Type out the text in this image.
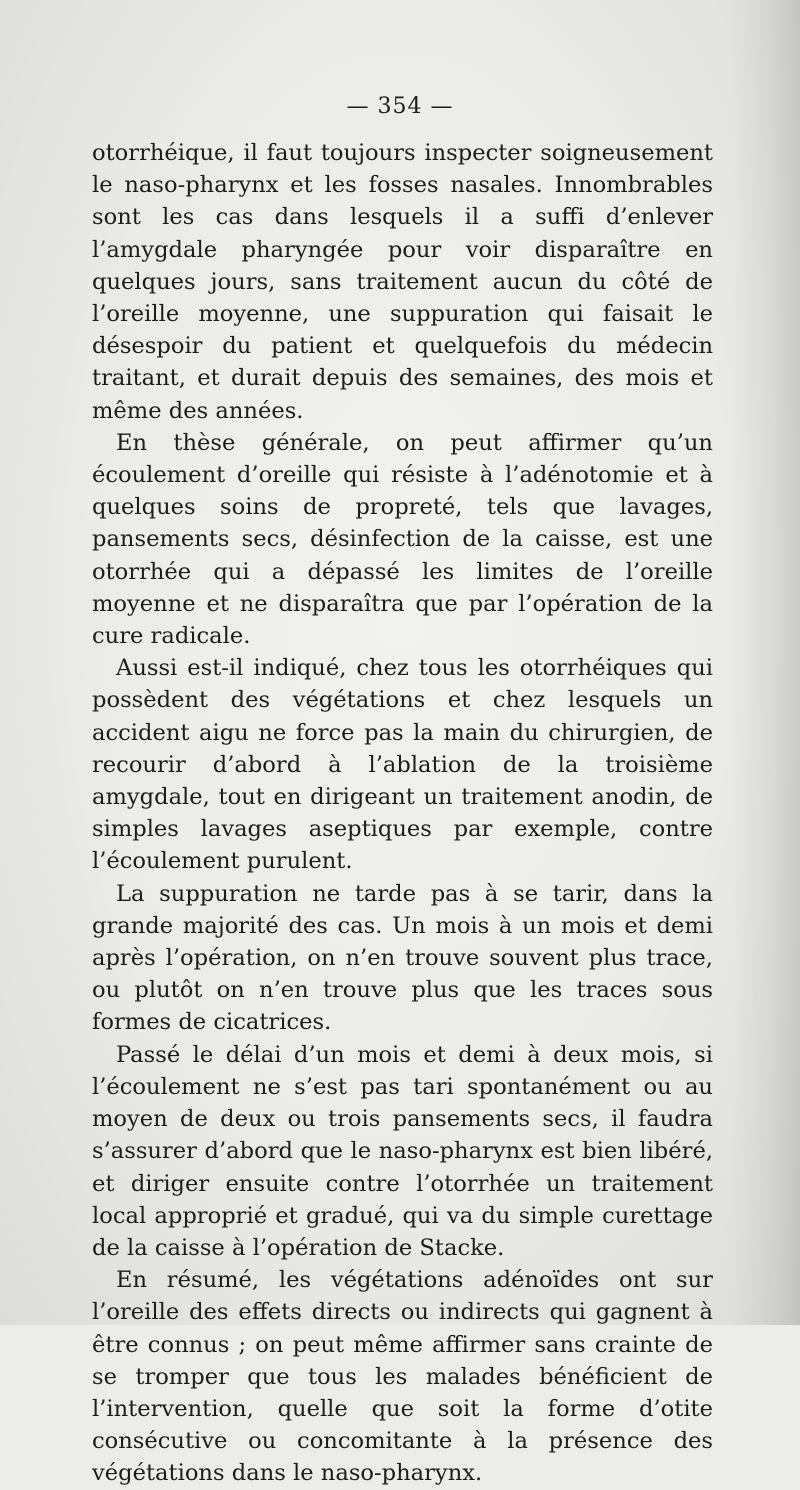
— 354 —

otorrhéique, il faut toujours inspecter soigneusement le naso-pharynx et les fosses nasales. Innombrables sont les cas dans lesquels il a suffi d’enlever l’amygdale pharyngée pour voir disparaître en quelques jours, sans traitement aucun du côté de l’oreille moyenne, une suppuration qui faisait le désespoir du patient et quelquefois du médecin traitant, et durait depuis des semaines, des mois et même des années.

En thèse générale, on peut affirmer qu’un écoulement d’oreille qui résiste à l’adénotomie et à quelques soins de propreté, tels que lavages, pansements secs, désinfection de la caisse, est une otorrhée qui a dépassé les limites de l’oreille moyenne et ne disparaîtra que par l’opération de la cure radicale.

Aussi est-il indiqué, chez tous les otorrhéiques qui possèdent des végétations et chez lesquels un accident aigu ne force pas la main du chirurgien, de recourir d’abord à l’ablation de la troisième amygdale, tout en dirigeant un traitement anodin, de simples lavages aseptiques par exemple, contre l’écoulement purulent.

La suppuration ne tarde pas à se tarir, dans la grande majorité des cas. Un mois à un mois et demi après l’opération, on n’en trouve souvent plus trace, ou plutôt on n’en trouve plus que les traces sous formes de cicatrices.

Passé le délai d’un mois et demi à deux mois, si l’écoulement ne s’est pas tari spontanément ou au moyen de deux ou trois pansements secs, il faudra s’assurer d’abord que le naso-pharynx est bien libéré, et diriger ensuite contre l’otorrhée un traitement local approprié et gradué, qui va du simple curettage de la caisse à l’opération de Stacke.

En résumé, les végétations adénoïdes ont sur l’oreille des effets directs ou indirects qui gagnent à être connus ; on peut même affirmer sans crainte de se tromper que tous les malades bénéficient de l’intervention, quelle que soit la forme d’otite consécutive ou concomitante à la présence des végétations dans le naso-pharynx.
